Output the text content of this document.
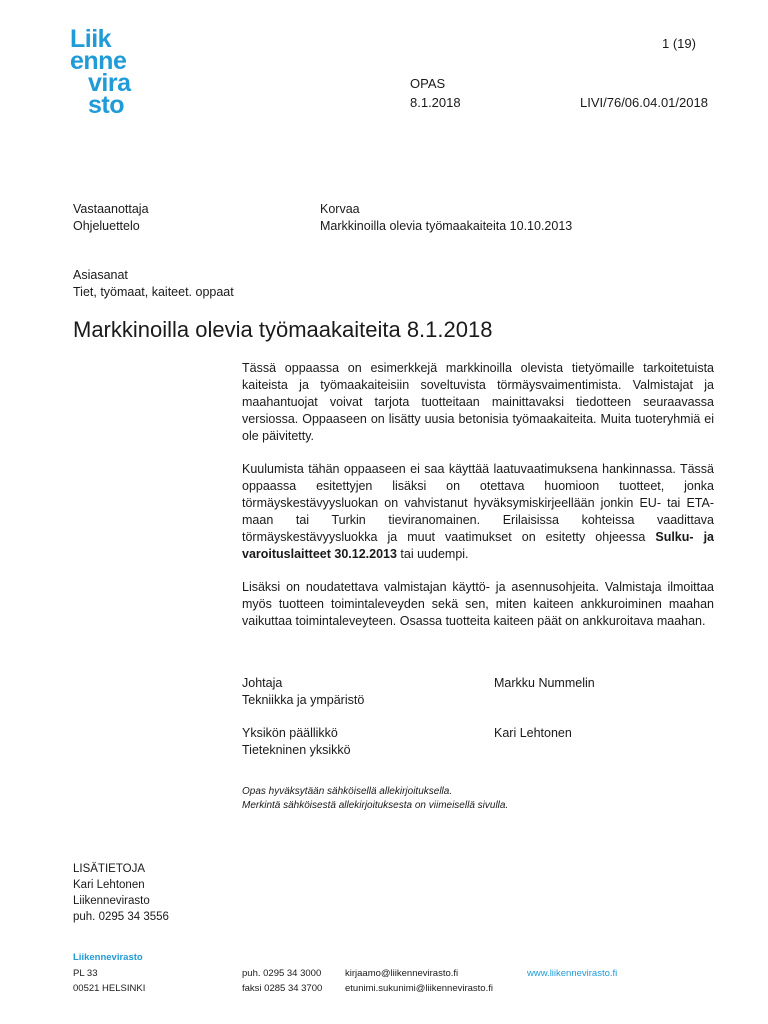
Liik
enne
vira
sto
1 (19)
OPAS
8.1.2018	LIVI/76/06.04.01/2018
Vastaanottaja
Ohjeluettelo
Korvaa
Markkinoilla olevia työmaakaiteita 10.10.2013
Asiasanat
Tiet, työmaat, kaiteet. oppaat
Markkinoilla olevia työmaakaiteita 8.1.2018

Tässä oppaassa on esimerkkejä markkinoilla olevista tietyömaille tarkoitetuista kaiteista ja työmaakaiteisiin soveltuvista törmäysvaimentimista. Valmistajat ja maahantuojat voivat tarjota tuotteitaan mainittavaksi tiedotteen seuraavassa versiossa. Oppaaseen on lisätty uusia betonisia työmaakaiteita. Muita tuoteryhmiä ei ole päivitetty.

Kuulumista tähän oppaaseen ei saa käyttää laatuvaatimuksena hankinnassa. Tässä oppaassa esitettyjen lisäksi on otettava huomioon tuotteet, jonka törmäyskestävyysluokan on vahvistanut hyväksymiskirjeellään jonkin EU- tai ETA-maan tai Turkin tieviranomainen. Erilaisissa kohteissa vaadittava törmäyskestävyysluokka ja muut vaatimukset on esitetty ohjeessa Sulku- ja varoituslaitteet 30.12.2013 tai uudempi.

Lisäksi on noudatettava valmistajan käyttö- ja asennusohjeita. Valmistaja ilmoittaa myös tuotteen toimintaleveyden sekä sen, miten kaiteen ankkuroiminen maahan vaikuttaa toimintaleveyteen. Osassa tuotteita kaiteen päät on ankkuroitava maahan.

Johtaja
Tekniikka ja ympäristö
Markku Nummelin
Yksikön päällikkö
Tietekninen yksikkö
Kari Lehtonen
Opas hyväksytään sähköisellä allekirjoituksella.
Merkintä sähköisestä allekirjoituksesta on viimeisellä sivulla.
LISÄTIETOJA
Kari Lehtonen
Liikennevirasto
puh. 0295 34 3556
Liikennevirasto
PL 33
00521 HELSINKI
puh. 0295 34 3000
faksi 0285 34 3700
kirjaamo@liikennevirasto.fi
etunimi.sukunimi@liikennevirasto.fi
www.liikennevirasto.fi
